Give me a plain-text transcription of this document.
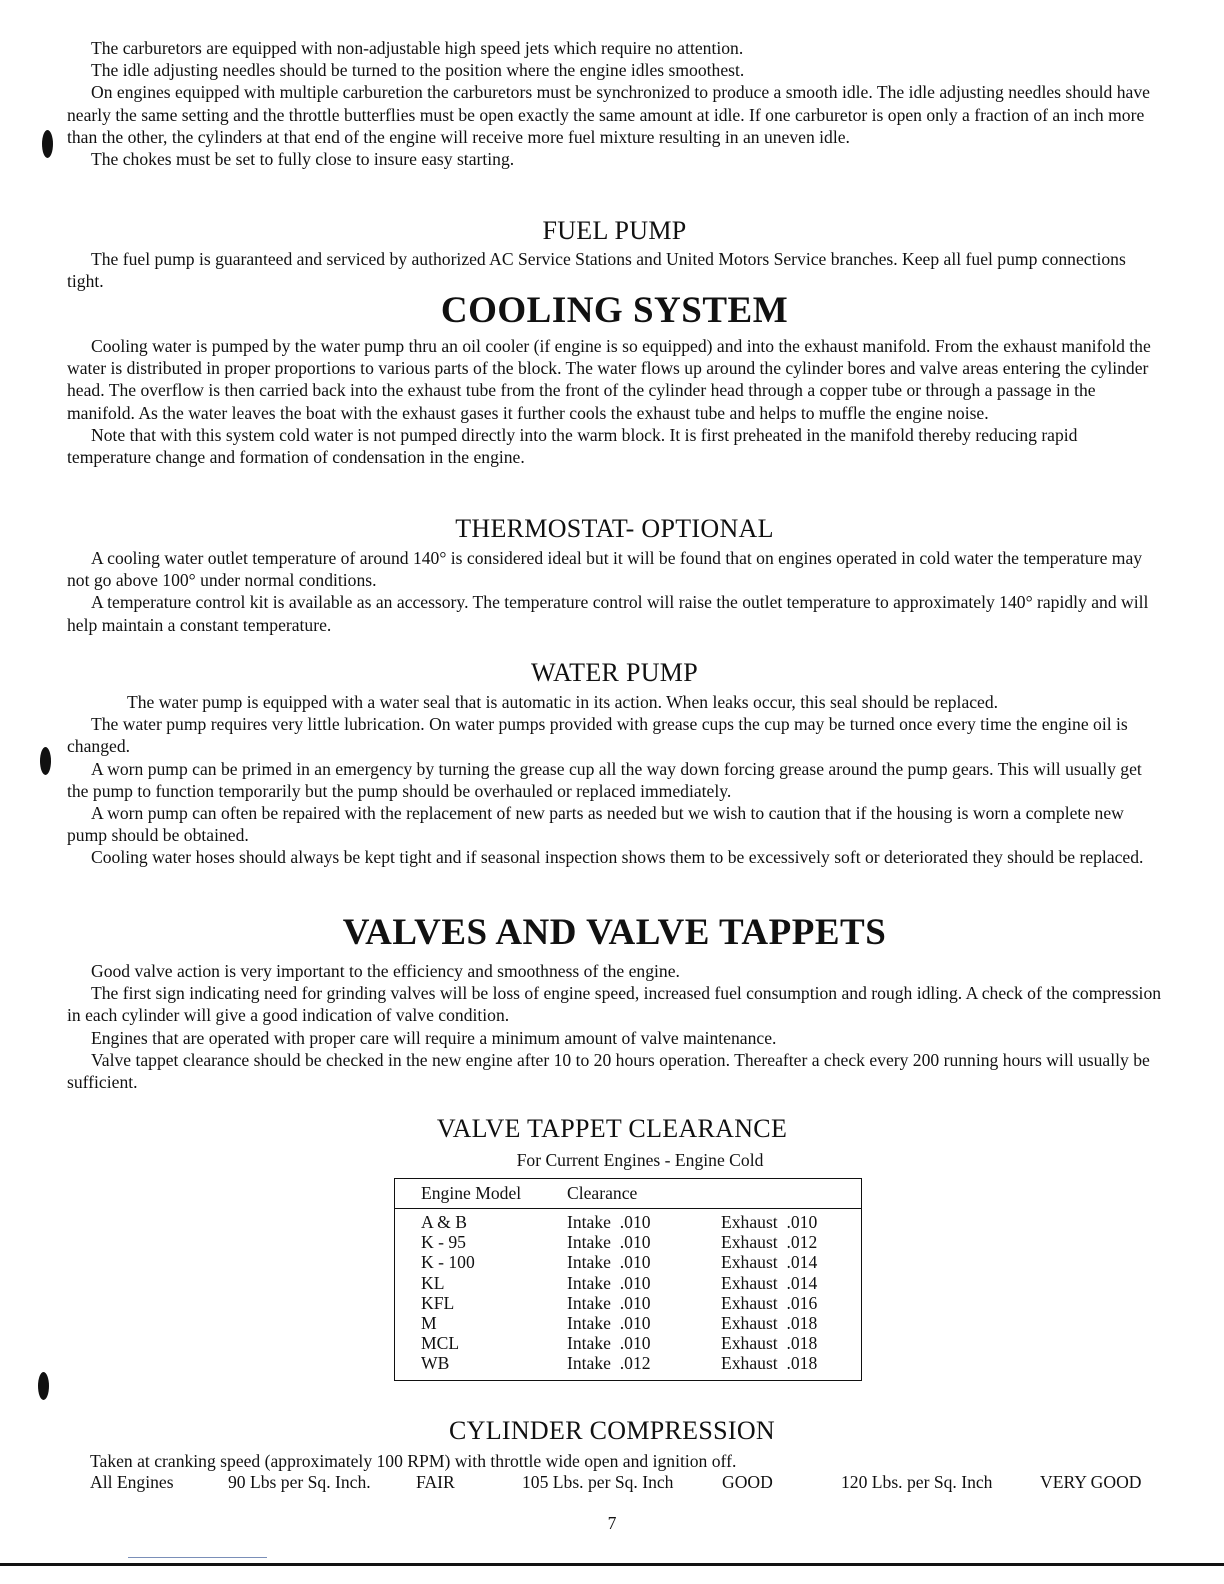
The carburetors are equipped with non-adjustable high speed jets which require no attention.

The idle adjusting needles should be turned to the position where the engine idles smoothest.

On engines equipped with multiple carburetion the carburetors must be synchronized to produce a smooth idle. The idle adjusting needles should have nearly the same setting and the throttle butterflies must be open exactly the same amount at idle. If one carburetor is open only a fraction of an inch more than the other, the cylinders at that end of the engine will receive more fuel mixture resulting in an uneven idle.

The chokes must be set to fully close to insure easy starting.

FUEL PUMP

The fuel pump is guaranteed and serviced by authorized AC Service Stations and United Motors Service branches. Keep all fuel pump connections tight.

COOLING SYSTEM

Cooling water is pumped by the water pump thru an oil cooler (if engine is so equipped) and into the exhaust manifold. From the exhaust manifold the water is distributed in proper proportions to various parts of the block. The water flows up around the cylinder bores and valve areas entering the cylinder head. The overflow is then carried back into the exhaust tube from the front of the cylinder head through a copper tube or through a passage in the manifold. As the water leaves the boat with the exhaust gases it further cools the exhaust tube and helps to muffle the engine noise.

Note that with this system cold water is not pumped directly into the warm block. It is first preheated in the manifold thereby reducing rapid temperature change and formation of condensation in the engine.

THERMOSTAT- OPTIONAL

A cooling water outlet temperature of around 140° is considered ideal but it will be found that on engines operated in cold water the temperature may not go above 100° under normal conditions.

A temperature control kit is available as an accessory. The temperature control will raise the outlet temperature to approximately 140° rapidly and will help maintain a constant temperature.

WATER PUMP

The water pump is equipped with a water seal that is automatic in its action. When leaks occur, this seal should be replaced.

The water pump requires very little lubrication. On water pumps provided with grease cups the cup may be turned once every time the engine oil is changed.

A worn pump can be primed in an emergency by turning the grease cup all the way down forcing grease around the pump gears. This will usually get the pump to function temporarily but the pump should be overhauled or replaced immediately.

A worn pump can often be repaired with the replacement of new parts as needed but we wish to caution that if the housing is worn a complete new pump should be obtained.

Cooling water hoses should always be kept tight and if seasonal inspection shows them to be excessively soft or deteriorated they should be replaced.

VALVES AND VALVE TAPPETS

Good valve action is very important to the efficiency and smoothness of the engine.

The first sign indicating need for grinding valves will be loss of engine speed, increased fuel consumption and rough idling. A check of the compression in each cylinder will give a good indication of valve condition.

Engines that are operated with proper care will require a minimum amount of valve maintenance.

Valve tappet clearance should be checked in the new engine after 10 to 20 hours operation. Thereafter a check every 200 running hours will usually be sufficient.

VALVE TAPPET CLEARANCE
For Current Engines - Engine Cold
Engine Model	Clearance
A & B	Intake  .010	Exhaust  .010
K - 95	Intake  .010	Exhaust  .012
K - 100	Intake  .010	Exhaust  .014
KL	Intake  .010	Exhaust  .014
KFL	Intake  .010	Exhaust  .016
M	Intake  .010	Exhaust  .018
MCL	Intake  .010	Exhaust  .018
WB	Intake  .012	Exhaust  .018
CYLINDER COMPRESSION
Taken at cranking speed (approximately 100 RPM) with throttle wide open and ignition off.
All Engines	90 Lbs per Sq. Inch.	FAIR	105 Lbs. per Sq. Inch	GOOD	120 Lbs. per Sq. Inch	VERY GOOD
7
